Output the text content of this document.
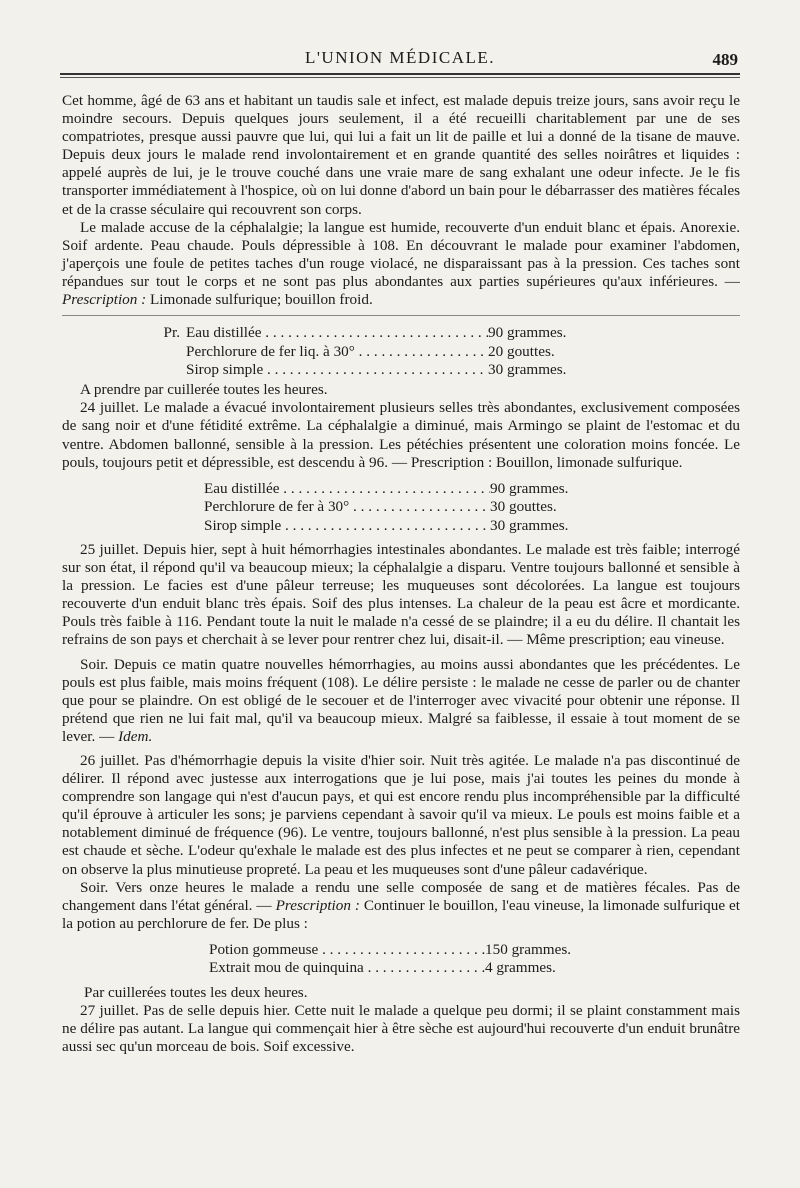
L'UNION MÉDICALE.	489

Cet homme, âgé de 63 ans et habitant un taudis sale et infect, est malade depuis treize jours, sans avoir reçu le moindre secours. Depuis quelques jours seulement, il a été recueilli charitablement par une de ses compatriotes, presque aussi pauvre que lui, qui lui a fait un lit de paille et lui a donné de la tisane de mauve. Depuis deux jours le malade rend involontairement et en grande quantité des selles noirâtres et liquides : appelé auprès de lui, je le trouve couché dans une vraie mare de sang exhalant une odeur infecte. Je le fis transporter immédiatement à l'hospice, où on lui donne d'abord un bain pour le débarrasser des matières fécales et de la crasse séculaire qui recouvrent son corps.

Le malade accuse de la céphalalgie; la langue est humide, recouverte d'un enduit blanc et épais. Anorexie. Soif ardente. Peau chaude. Pouls dépressible à 108. En découvrant le malade pour examiner l'abdomen, j'aperçois une foule de petites taches d'un rouge violacé, ne disparaissant pas à la pression. Ces taches sont répandues sur tout le corps et ne sont pas plus abondantes aux parties supérieures qu'aux inférieures. — Prescription : Limonade sulfurique; bouillon froid.

Pr. Eau distillée . . .	90 grammes.
Perchlorure de fer liq. à 30° . . .	20 gouttes.
Sirop simple . . .	30 grammes.

A prendre par cuillerée toutes les heures.

24 juillet. Le malade a évacué involontairement plusieurs selles très abondantes, exclusivement composées de sang noir et d'une fétidité extrême. La céphalalgie a diminué, mais Armingo se plaint de l'estomac et du ventre. Abdomen ballonné, sensible à la pression. Les pétéchies présentent une coloration moins foncée. Le pouls, toujours petit et dépressible, est descendu à 96. — Prescription : Bouillon, limonade sulfurique.

Eau distillée . . .	90 grammes.
Perchlorure de fer à 30° . . .	30 gouttes.
Sirop simple . . .	30 grammes.

25 juillet. Depuis hier, sept à huit hémorrhagies intestinales abondantes. Le malade est très faible; interrogé sur son état, il répond qu'il va beaucoup mieux; la céphalalgie a disparu. Ventre toujours ballonné et sensible à la pression. Le facies est d'une pâleur terreuse; les muqueuses sont décolorées. La langue est toujours recouverte d'un enduit blanc très épais. Soif des plus intenses. La chaleur de la peau est âcre et mordicante. Pouls très faible à 116. Pendant toute la nuit le malade n'a cessé de se plaindre; il a eu du délire. Il chantait les refrains de son pays et cherchait à se lever pour rentrer chez lui, disait-il. — Même prescription; eau vineuse.

Soir. Depuis ce matin quatre nouvelles hémorrhagies, au moins aussi abondantes que les précédentes. Le pouls est plus faible, mais moins fréquent (108). Le délire persiste : le malade ne cesse de parler ou de chanter que pour se plaindre. On est obligé de le secouer et de l'interroger avec vivacité pour obtenir une réponse. Il prétend que rien ne lui fait mal, qu'il va beaucoup mieux. Malgré sa faiblesse, il essaie à tout moment de se lever. — Idem.

26 juillet. Pas d'hémorrhagie depuis la visite d'hier soir. Nuit très agitée. Le malade n'a pas discontinué de délirer. Il répond avec justesse aux interrogations que je lui pose, mais j'ai toutes les peines du monde à comprendre son langage qui n'est d'aucun pays, et qui est encore rendu plus incompréhensible par la difficulté qu'il éprouve à articuler les sons; je parviens cependant à savoir qu'il va mieux. Le pouls est moins faible et a notablement diminué de fréquence (96). Le ventre, toujours ballonné, n'est plus sensible à la pression. La peau est chaude et sèche. L'odeur qu'exhale le malade est des plus infectes et ne peut se comparer à rien, cependant on observe la plus minutieuse propreté. La peau et les muqueuses sont d'une pâleur cadavérique.

Soir. Vers onze heures le malade a rendu une selle composée de sang et de matières fécales. Pas de changement dans l'état général. — Prescription : Continuer le bouillon, l'eau vineuse, la limonade sulfurique et la potion au perchlorure de fer. De plus :

Potion gommeuse . . .	150 grammes.
Extrait mou de quinquina . . .	4 grammes.

Par cuillerées toutes les deux heures.

27 juillet. Pas de selle depuis hier. Cette nuit le malade a quelque peu dormi; il se plaint constamment mais ne délire pas autant. La langue qui commençait hier à être sèche est aujourd'hui recouverte d'un enduit brunâtre aussi sec qu'un morceau de bois. Soif excessive.
